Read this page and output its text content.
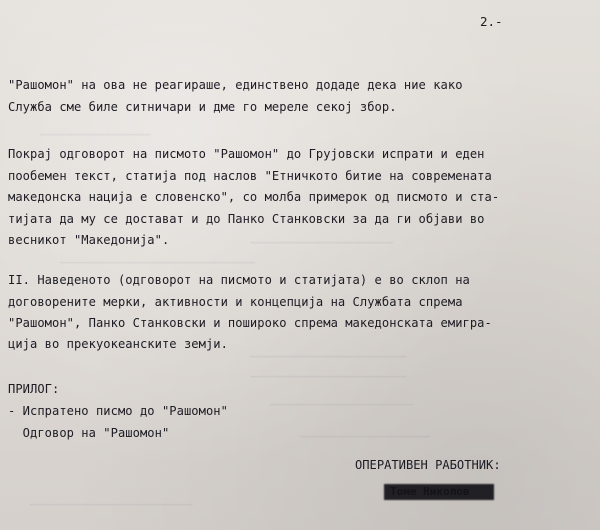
━━━━━━━━━━━━━━━━━
━━━━━━━━━━━━━━━━━━━━━━
━━━━━━━━━━━━━━━━━━━━━━━━━━━━━━
━━━━━━━━━━━━━━━━━━━━━━━━
━━━━━━━━━━━━━━━━━━━━━━━━
━━━━━━━━━━━━━━━━━━━━━━
━━━━━━━━━━━━━━━━━━━━
━━━━━━━━━━━━━━━━━━━━━━━━━
2.-
"Рашомон" на ова не реагираше, единствено додаде дека ние како
Служба сме биле ситничари и дме го мереле секој збор.
Покрај одговорот на писмото "Рашомон" до Грујовски испрати и еден
пообемен текст, статија под наслов "Етничкото битие на современата
македонска нација е словенско", со молба примерок од писмото и ста-
тијата да му се достават и до Панко Станковски за да ги објави во
весникот "Македонија".
II. Наведеното (одговорот на писмото и статијата) е во склоп на
договорените мерки, активности и концепција на Службата спрема
"Рашомон", Панко Станковски и пошироко спрема македонската емигра-
ција во прекуокеанските земји.
ПРИЛОГ:
- Испратено писмо до "Рашомон"
Одговор на "Рашомон"
ОПЕРАТИВЕН РАБОТНИК:
